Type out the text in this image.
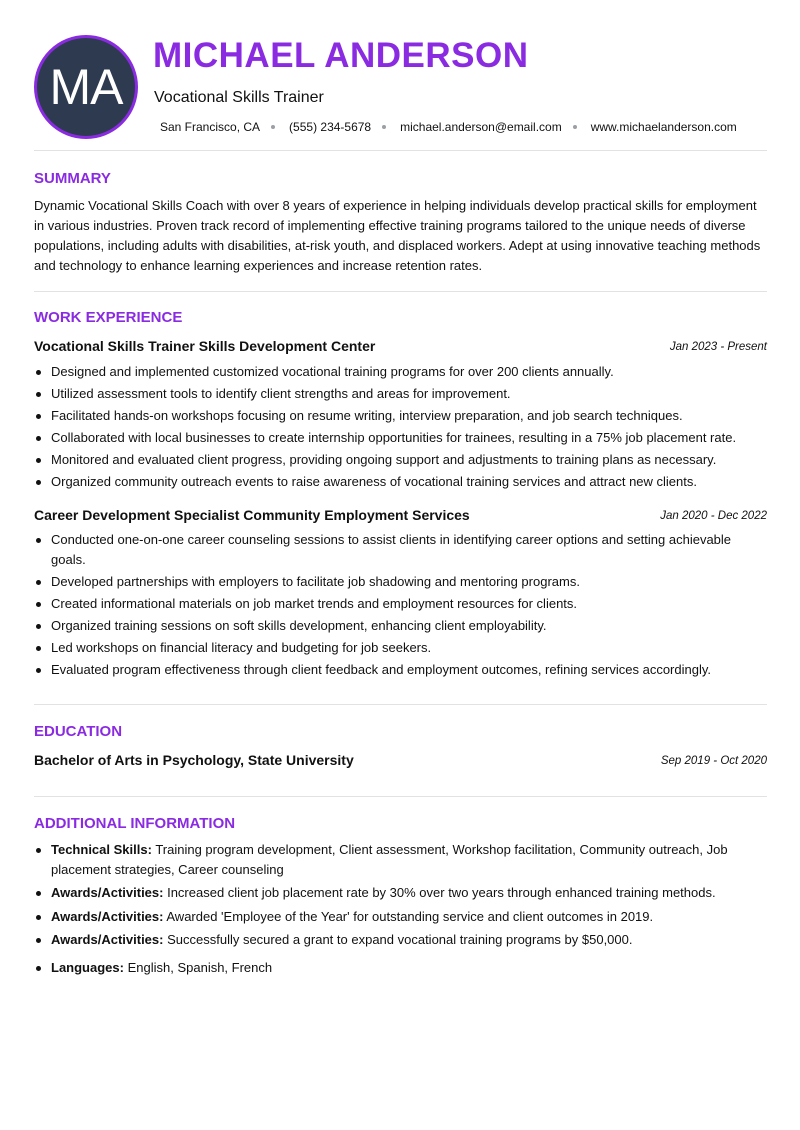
MA
MICHAEL ANDERSON
Vocational Skills Trainer
San Francisco, CA (555) 234-5678 michael.anderson@email.com www.michaelanderson.com
SUMMARY
Dynamic Vocational Skills Coach with over 8 years of experience in helping individuals develop practical skills for employment in various industries. Proven track record of implementing effective training programs tailored to the unique needs of diverse populations, including adults with disabilities, at-risk youth, and displaced workers. Adept at using innovative teaching methods and technology to enhance learning experiences and increase retention rates.
WORK EXPERIENCE
Vocational Skills Trainer Skills Development Center	Jan 2023 - Present
Designed and implemented customized vocational training programs for over 200 clients annually.
Utilized assessment tools to identify client strengths and areas for improvement.
Facilitated hands-on workshops focusing on resume writing, interview preparation, and job search techniques.
Collaborated with local businesses to create internship opportunities for trainees, resulting in a 75% job placement rate.
Monitored and evaluated client progress, providing ongoing support and adjustments to training plans as necessary.
Organized community outreach events to raise awareness of vocational training services and attract new clients.
Career Development Specialist Community Employment Services	Jan 2020 - Dec 2022
Conducted one-on-one career counseling sessions to assist clients in identifying career options and setting achievable goals.
Developed partnerships with employers to facilitate job shadowing and mentoring programs.
Created informational materials on job market trends and employment resources for clients.
Organized training sessions on soft skills development, enhancing client employability.
Led workshops on financial literacy and budgeting for job seekers.
Evaluated program effectiveness through client feedback and employment outcomes, refining services accordingly.
EDUCATION
Bachelor of Arts in Psychology, State University	Sep 2019 - Oct 2020
ADDITIONAL INFORMATION
Technical Skills: Training program development, Client assessment, Workshop facilitation, Community outreach, Job placement strategies, Career counseling
Awards/Activities: Increased client job placement rate by 30% over two years through enhanced training methods.
Awards/Activities: Awarded 'Employee of the Year' for outstanding service and client outcomes in 2019.
Awards/Activities: Successfully secured a grant to expand vocational training programs by $50,000.
Languages: English, Spanish, French
